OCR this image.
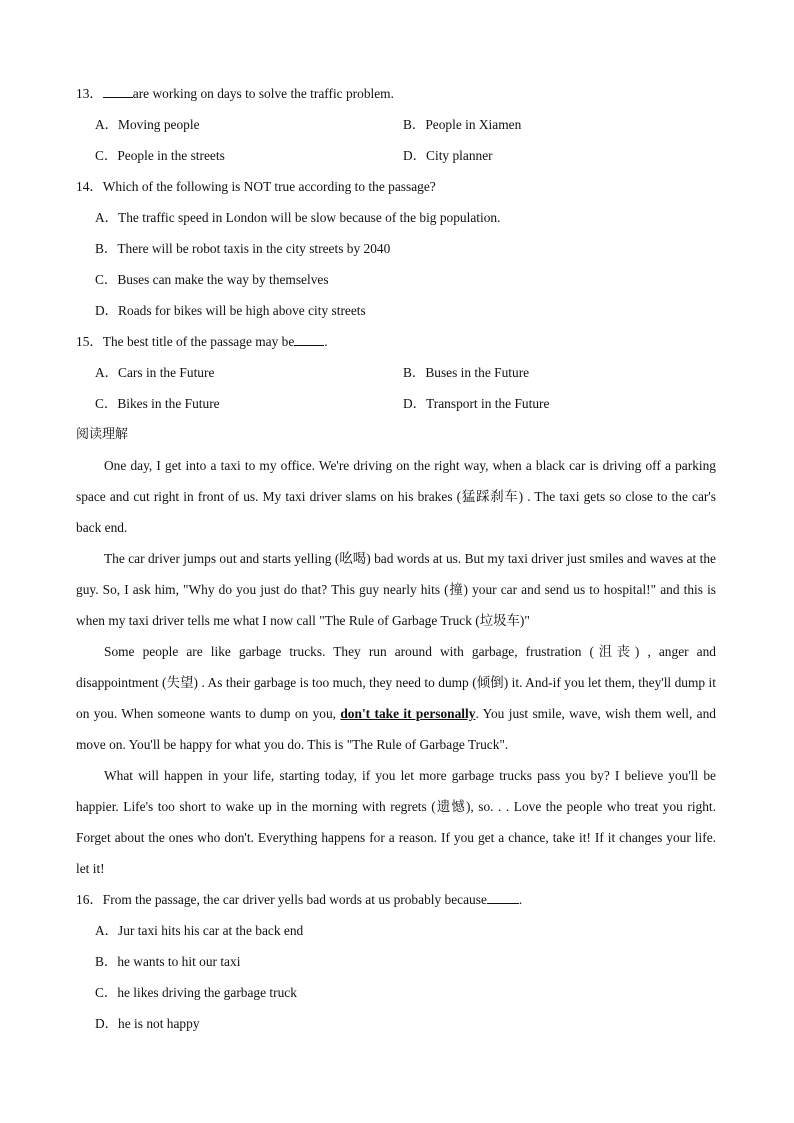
13． are working on days to solve the traffic problem.
A．Moving people	B．People in Xiamen
C．People in the streets	D．City planner
14．Which of the following is NOT true according to the passage?
A．The traffic speed in London will be slow because of the big population.
B．There will be robot taxis in the city streets by 2040
C．Buses can make the way by themselves
D．Roads for bikes will be high above city streets
15．The best title of the passage may be .
A．Cars in the Future	B．Buses in the Future
C．Bikes in the Future	D．Transport in the Future
阅读理解
One day, I get into a taxi to my office. We're driving on the right way, when a black car is driving off a parking space and cut right in front of us. My taxi driver slams on his brakes (猛踩刹车) . The taxi gets so close to the car's back end.
The car driver jumps out and starts yelling (吆喝) bad words at us. But my taxi driver just smiles and waves at the guy. So, I ask him, "Why do you just do that? This guy nearly hits (撞) your car and send us to hospital!" and this is when my taxi driver tells me what I now call "The Rule of Garbage Truck (垃圾车)"
Some people are like garbage trucks. They run around with garbage, frustration (沮丧) , anger and disappointment (失望) . As their garbage is too much, they need to dump (倾倒) it. And-if you let them, they'll dump it on you. When someone wants to dump on you, don't take it personally. You just smile, wave, wish them well, and move on. You'll be happy for what you do. This is "The Rule of Garbage Truck".
What will happen in your life, starting today, if you let more garbage trucks pass you by? I believe you'll be happier. Life's too short to wake up in the morning with regrets (遗憾), so. . . Love the people who treat you right. Forget about the ones who don't. Everything happens for a reason. If you get a chance, take it! If it changes your life. let it!
16．From the passage, the car driver yells bad words at us probably because .
A．Jur taxi hits his car at the back end
B．he wants to hit our taxi
C．he likes driving the garbage truck
D．he is not happy
